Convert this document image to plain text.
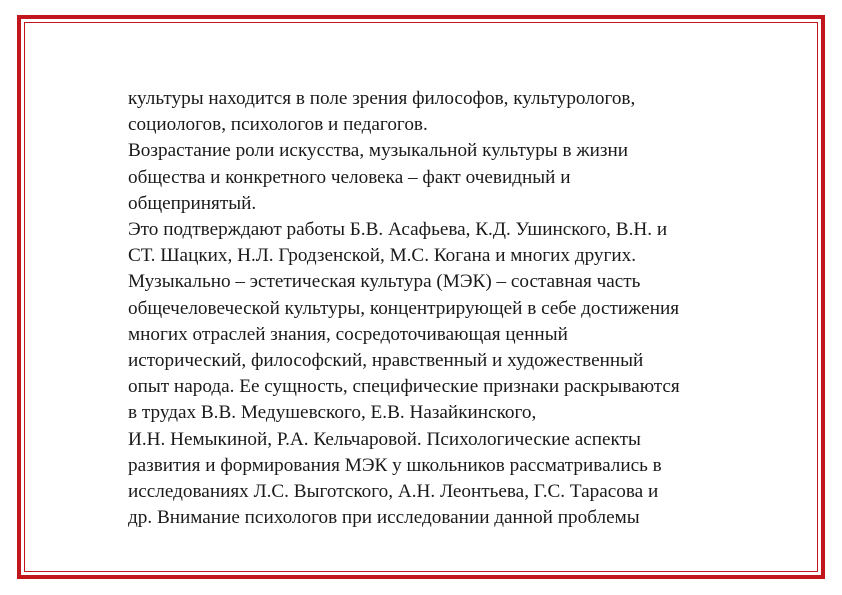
культуры находится в поле зрения философов, культурологов,
социологов, психологов и педагогов.
Возрастание роли искусства, музыкальной культуры в жизни
общества и конкретного человека – факт очевидный и
общепринятый.
Это подтверждают работы Б.В. Асафьева, К.Д. Ушинского, В.Н. и
СТ. Шацких, Н.Л. Гродзенской, М.С. Когана и многих других.
Музыкально – эстетическая культура (МЭК) – составная часть
общечеловеческой культуры, концентрирующей в себе достижения
многих отраслей знания, сосредоточивающая ценный
исторический, философский, нравственный и художественный
опыт народа. Ее сущность, специфические признаки раскрываются
в трудах В.В. Медушевского, Е.В. Назайкинского,
И.Н. Немыкиной, Р.А. Кельчаровой. Психологические аспекты
развития и формирования МЭК у школьников рассматривались в
исследованиях Л.С. Выготского, А.Н. Леонтьева, Г.С. Тарасова и
др. Внимание психологов при исследовании данной проблемы
